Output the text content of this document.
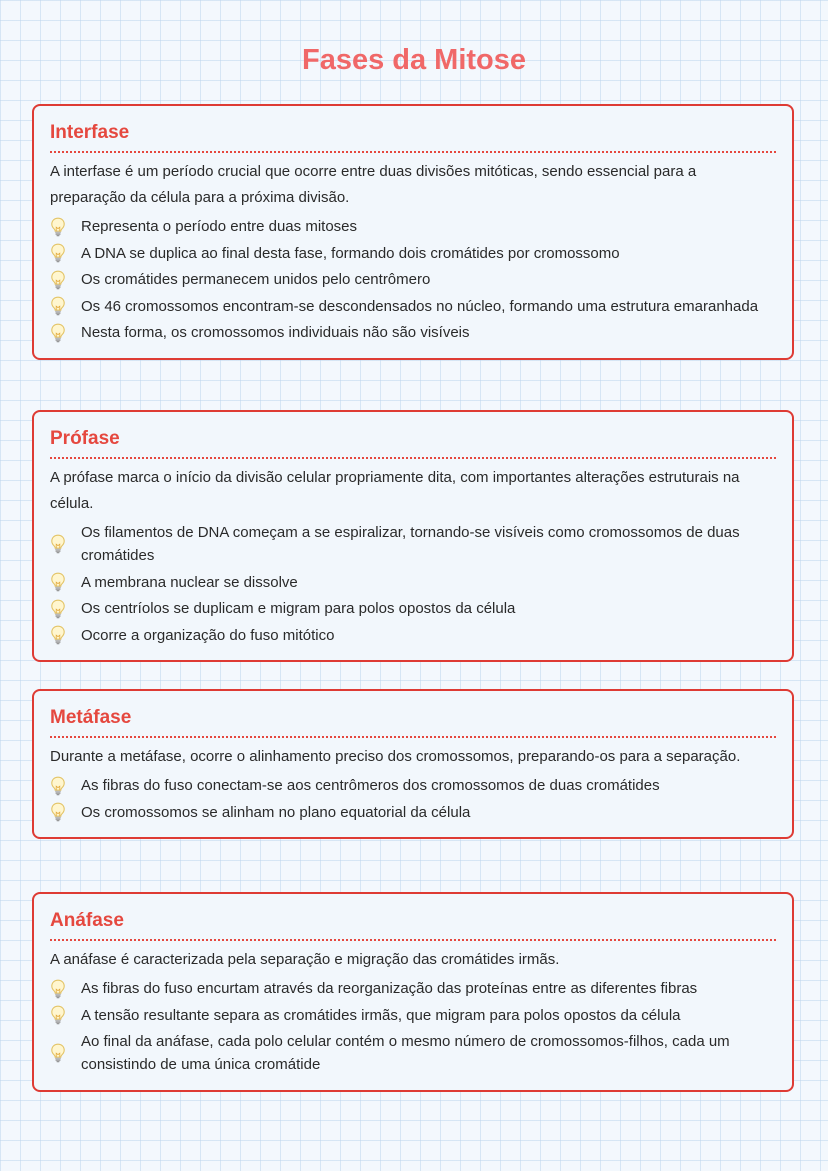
Fases da Mitose
Interfase

A interfase é um período crucial que ocorre entre duas divisões mitóticas, sendo essencial para a preparação da célula para a próxima divisão.

Representa o período entre duas mitoses
A DNA se duplica ao final desta fase, formando dois cromátides por cromossomo
Os cromátides permanecem unidos pelo centrômero
Os 46 cromossomos encontram-se descondensados no núcleo, formando uma estrutura emaranhada
Nesta forma, os cromossomos individuais não são visíveis
Prófase

A prófase marca o início da divisão celular propriamente dita, com importantes alterações estruturais na célula.

Os filamentos de DNA começam a se espiralizar, tornando-se visíveis como cromossomos de duas cromátides
A membrana nuclear se dissolve
Os centríolos se duplicam e migram para polos opostos da célula
Ocorre a organização do fuso mitótico
Metáfase

Durante a metáfase, ocorre o alinhamento preciso dos cromossomos, preparando-os para a separação.

As fibras do fuso conectam-se aos centrômeros dos cromossomos de duas cromátides
Os cromossomos se alinham no plano equatorial da célula
Anáfase

A anáfase é caracterizada pela separação e migração das cromátides irmãs.

As fibras do fuso encurtam através da reorganização das proteínas entre as diferentes fibras
A tensão resultante separa as cromátides irmãs, que migram para polos opostos da célula
Ao final da anáfase, cada polo celular contém o mesmo número de cromossomos-filhos, cada um consistindo de uma única cromátide
